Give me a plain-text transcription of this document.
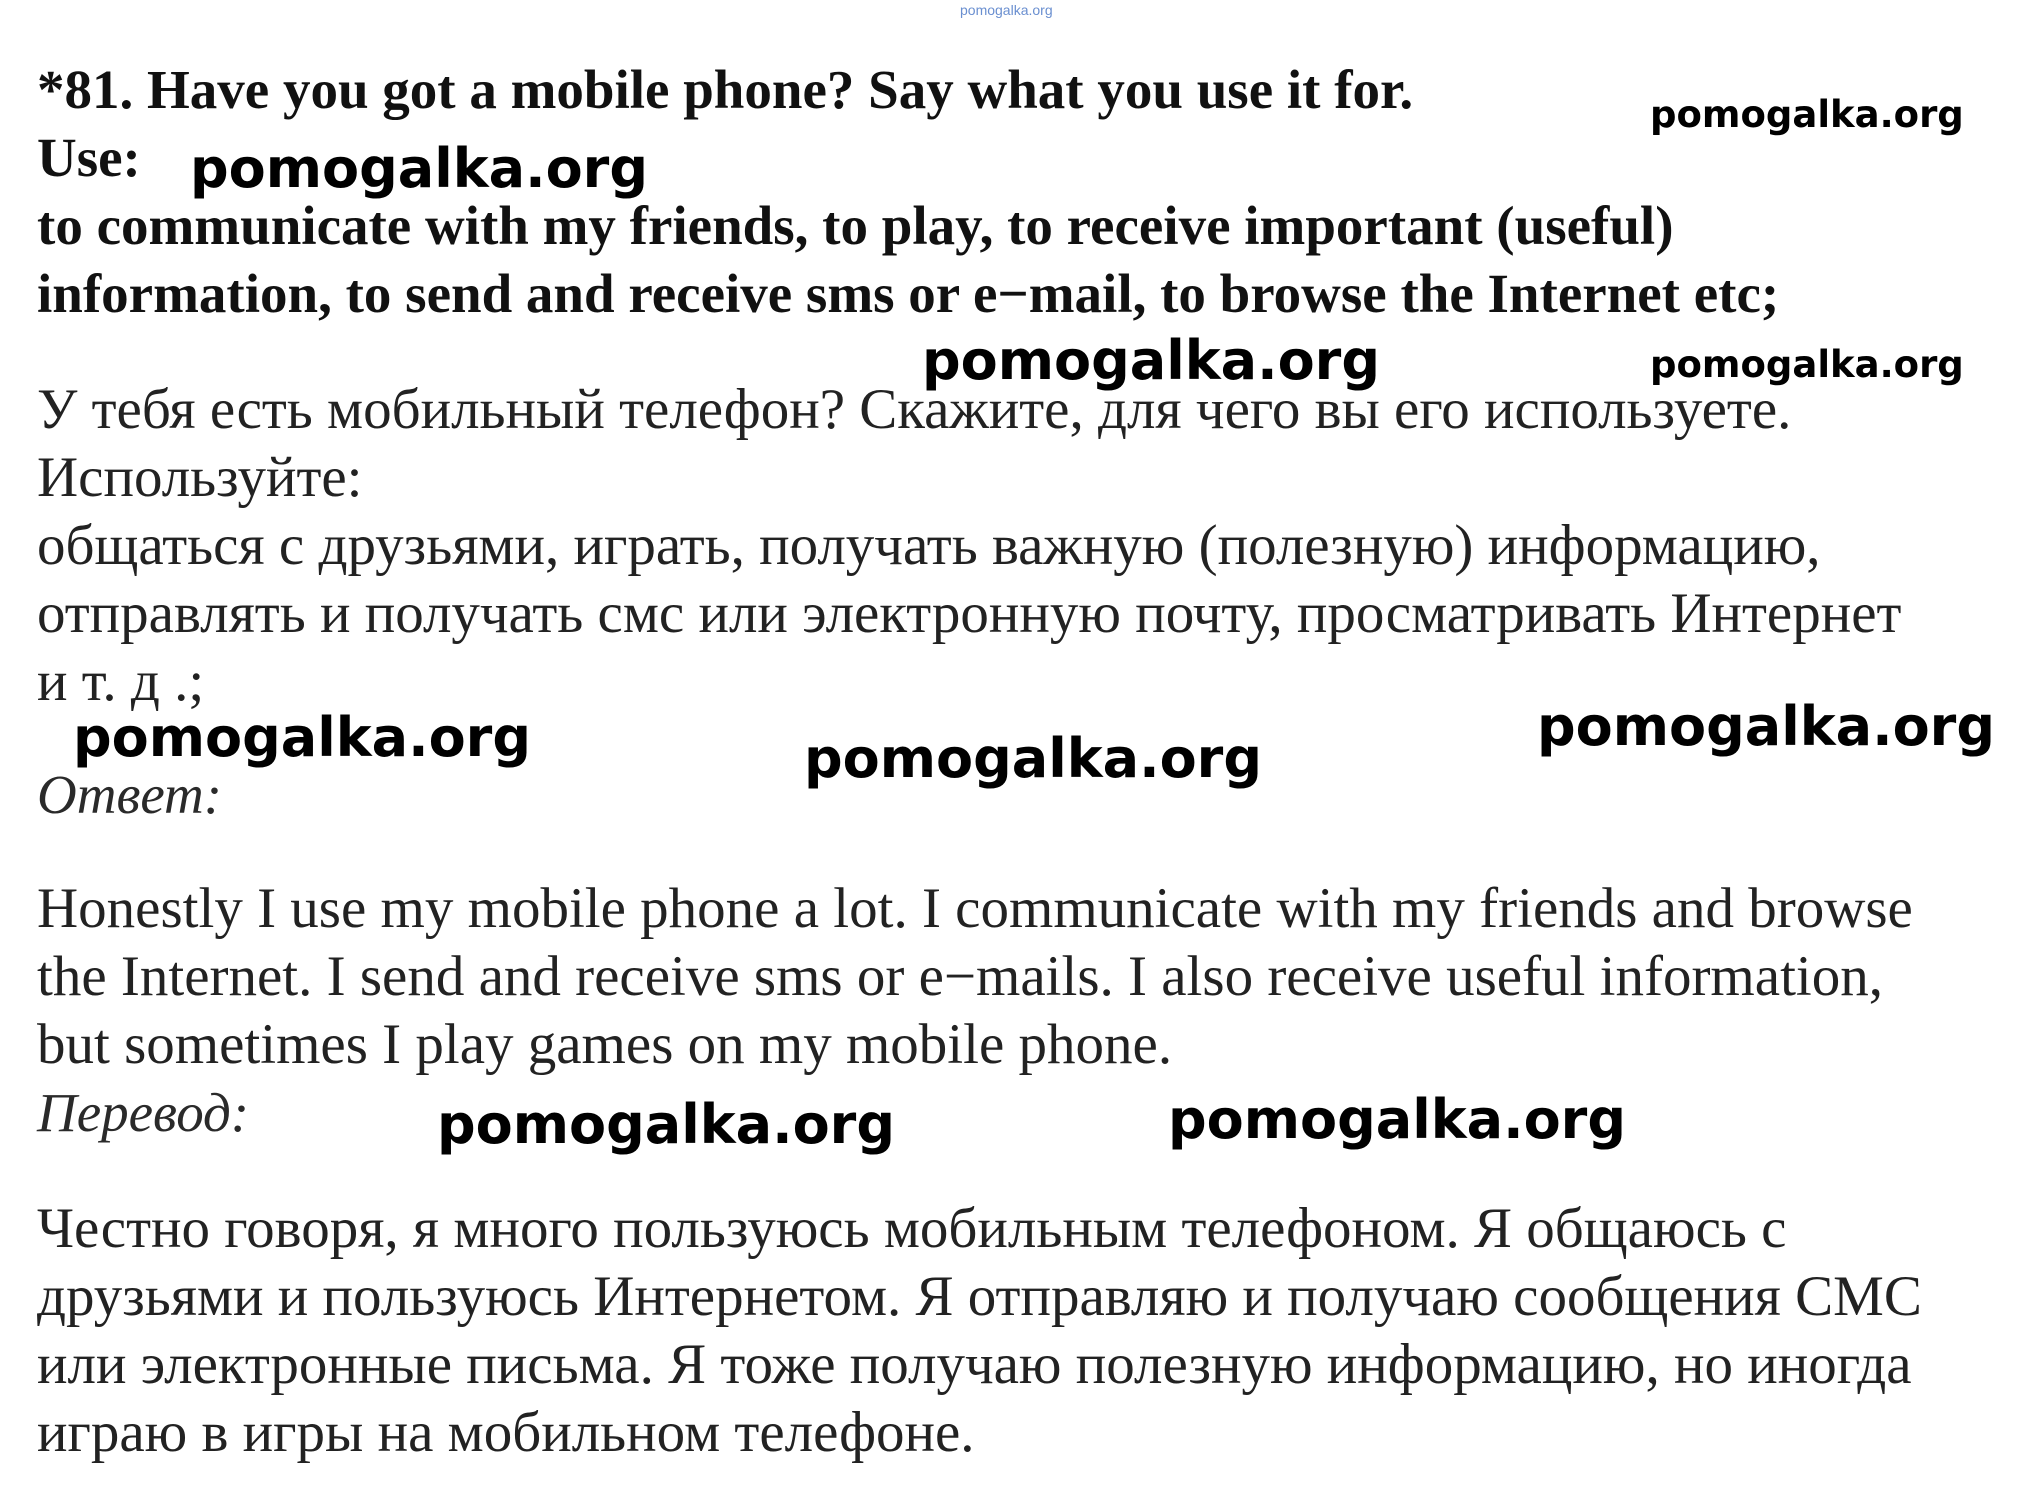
pomogalka.org
*81. Have you got a mobile phone? Say what you use it for.
Use:
to communicate with my friends, to play, to receive important (useful)
information, to send and receive sms or e−mail, to browse the Internet etc;
У тебя есть мобильный телефон? Скажите, для чего вы его используете.
Используйте:
общаться с друзьями, играть, получать важную (полезную) информацию,
отправлять и получать смс или электронную почту, просматривать Интернет
и т. д .;
Ответ:
Honestly I use my mobile phone a lot. I communicate with my friends and browse
the Internet. I send and receive sms or e−mails. I also receive useful information,
but sometimes I play games on my mobile phone.
Перевод:
Честно говоря, я много пользуюсь мобильным телефоном. Я общаюсь с
друзьями и пользуюсь Интернетом. Я отправляю и получаю сообщения СМС
или электронные письма. Я тоже получаю полезную информацию, но иногда
играю в игры на мобильном телефоне.
pomogalka.org
pomogalka.org
pomogalka.org	pomogalka.org
pomogalka.org	pomogalka.org
pomogalka.org
pomogalka.org	pomogalka.org
